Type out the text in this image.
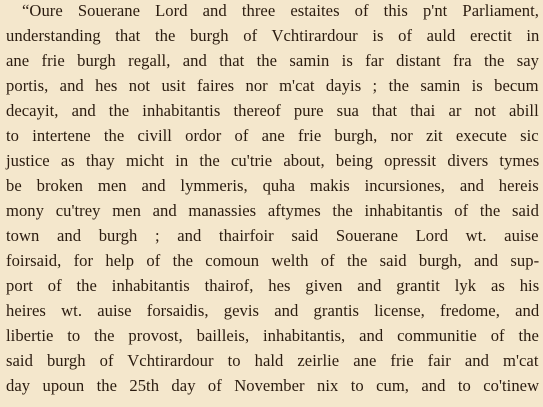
“Oure Souerane Lord and three estaites of this p'nt Parliament,
understanding that the burgh of Vchtirardour is of auld erectit in
ane frie burgh regall, and that the samin is far distant fra the say
portis, and hes not usit faires nor m'cat dayis ; the samin is becum
decayit, and the inhabitantis thereof pure sua that thai ar not abill
to intertene the civill ordor of ane frie burgh, nor zit execute sic
justice as thay micht in the cu'trie about, being opressit divers tymes
be broken men and lymmeris, quha makis incursiones, and hereis
mony cu'trey men and manassies aftymes the inhabitantis of the said
town and burgh ; and thairfoir said Souerane Lord wt. auise
foirsaid, for help of the comoun welth of the said burgh, and sup-
port of the inhabitantis thairof, hes given and grantit lyk as his
heires wt. auise forsaidis, gevis and grantis license, fredome, and
libertie to the provost, bailleis, inhabitantis, and communitie of the
said burgh of Vchtirardour to hald zeirlie ane frie fair and m'cat
day upoun the 25th day of November nix to cum, and to co'tinew
